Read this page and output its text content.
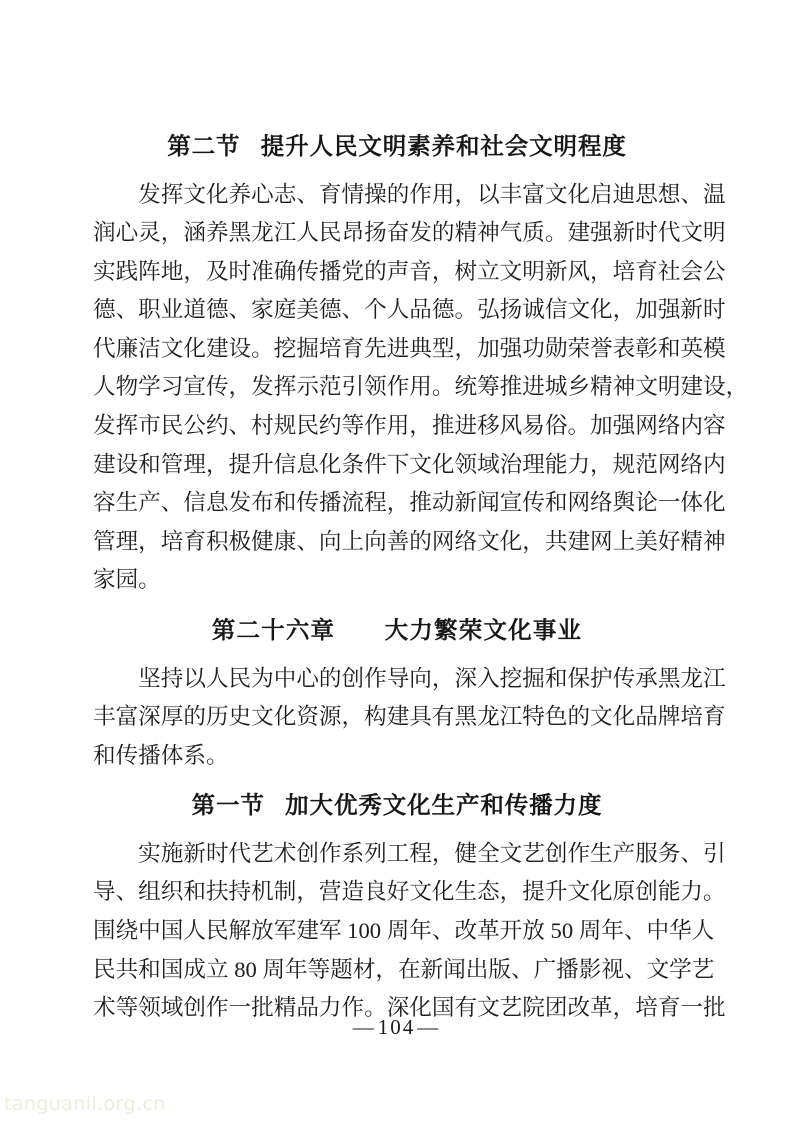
第二节   提升人民文明素养和社会文明程度
　　发挥文化养心志、育情操的作用，以丰富文化启迪思想、温
润心灵，涵养黑龙江人民昂扬奋发的精神气质。建强新时代文明
实践阵地，及时准确传播党的声音，树立文明新风，培育社会公
德、职业道德、家庭美德、个人品德。弘扬诚信文化，加强新时
代廉洁文化建设。挖掘培育先进典型，加强功勋荣誉表彰和英模
人物学习宣传，发挥示范引领作用。统筹推进城乡精神文明建设，
发挥市民公约、村规民约等作用，推进移风易俗。加强网络内容
建设和管理，提升信息化条件下文化领域治理能力，规范网络内
容生产、信息发布和传播流程，推动新闻宣传和网络舆论一体化
管理，培育积极健康、向上向善的网络文化，共建网上美好精神
家园。
第二十六章　　大力繁荣文化事业
　　坚持以人民为中心的创作导向，深入挖掘和保护传承黑龙江
丰富深厚的历史文化资源，构建具有黑龙江特色的文化品牌培育
和传播体系。
第一节   加大优秀文化生产和传播力度
　　实施新时代艺术创作系列工程，健全文艺创作生产服务、引
导、组织和扶持机制，营造良好文化生态，提升文化原创能力。
围绕中国人民解放军建军 100 周年、改革开放 50 周年、中华人
民共和国成立 80 周年等题材，在新闻出版、广播影视、文学艺
术等领域创作一批精品力作。深化国有文艺院团改革，培育一批
—104—
tanguanli.org.cn
